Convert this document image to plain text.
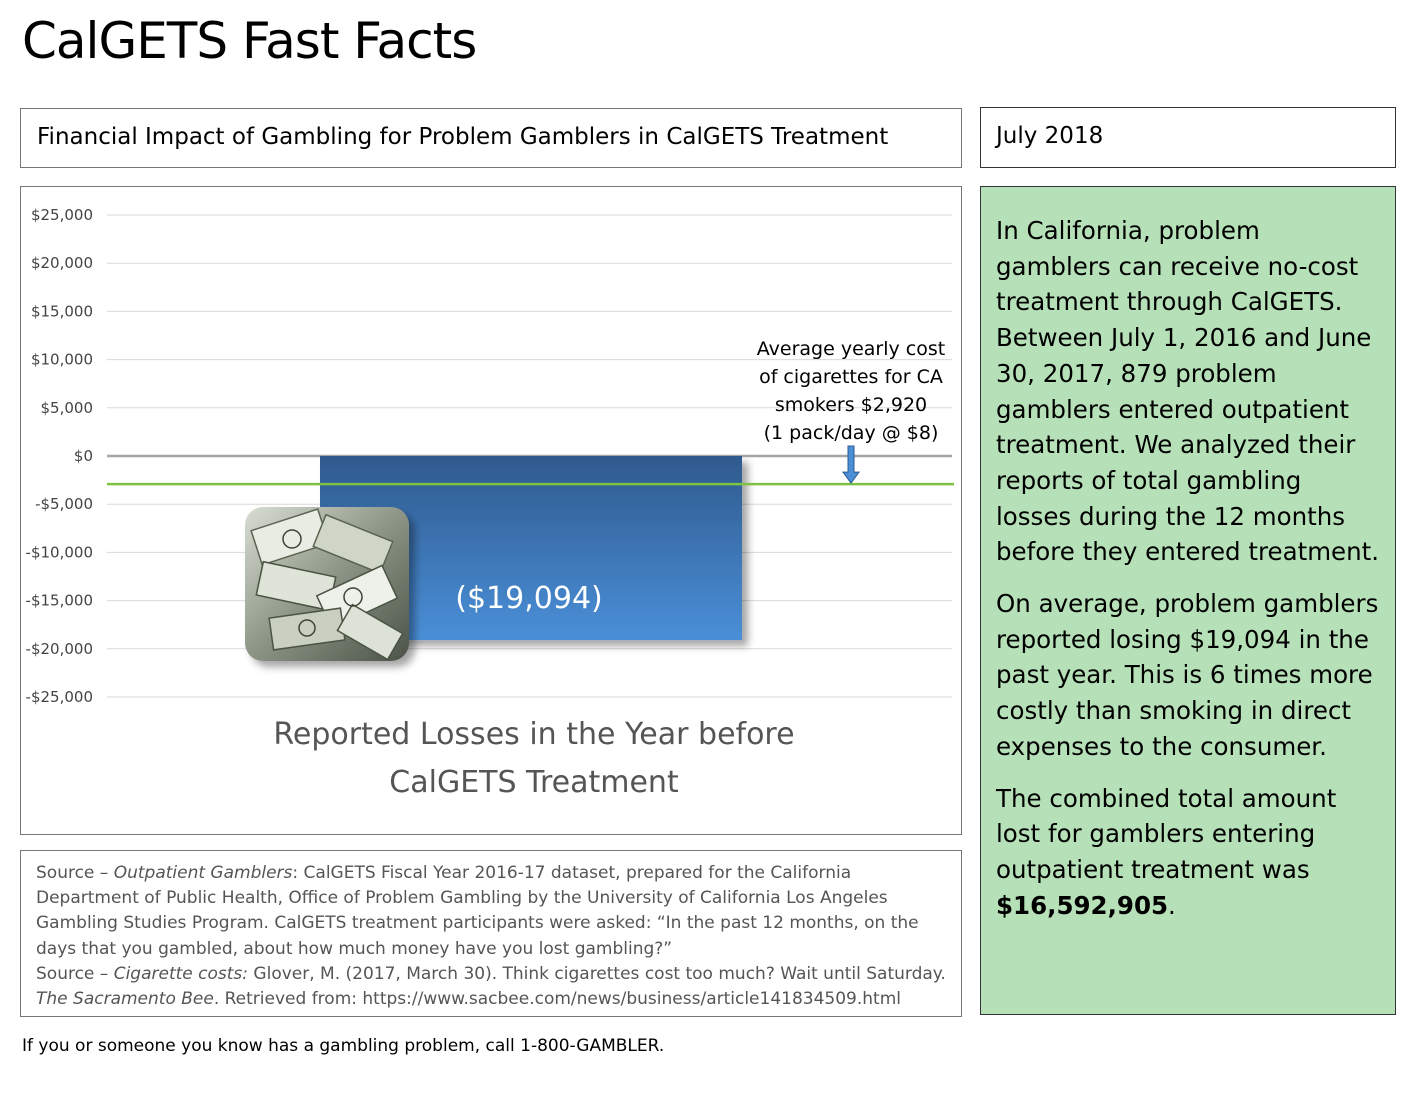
CalGETS Fast Facts
Financial Impact of Gambling for Problem Gamblers in CalGETS Treatment	July 2018
$25,000
$20,000
$15,000
$10,000
$5,000
$0
-$5,000
-$10,000
-$15,000
-$20,000
-$25,000
($19,094)
Reported Losses in the Year before
CalGETS Treatment
Average yearly cost
of cigarettes for CA
smokers $2,920
(1 pack/day @ $8)

In California, problem gamblers can receive no-cost treatment through CalGETS. Between July 1, 2016 and June 30, 2017, 879 problem gamblers entered outpatient treatment. We analyzed their reports of total gambling losses during the 12 months before they entered treatment.

On average, problem gamblers reported losing $19,094 in the past year. This is 6 times more costly than smoking in direct expenses to the consumer.

The combined total amount lost for gamblers entering outpatient treatment was $16,592,905.

Source – Outpatient Gamblers: CalGETS Fiscal Year 2016-17 dataset, prepared for the California Department of Public Health, Office of Problem Gambling by the University of California Los Angeles Gambling Studies Program. CalGETS treatment participants were asked: “In the past 12 months, on the days that you gambled, about how much money have you lost gambling?”
Source – Cigarette costs: Glover, M. (2017, March 30). Think cigarettes cost too much? Wait until Saturday. The Sacramento Bee. Retrieved from: https://www.sacbee.com/news/business/article141834509.html

If you or someone you know has a gambling problem, call 1-800-GAMBLER.
